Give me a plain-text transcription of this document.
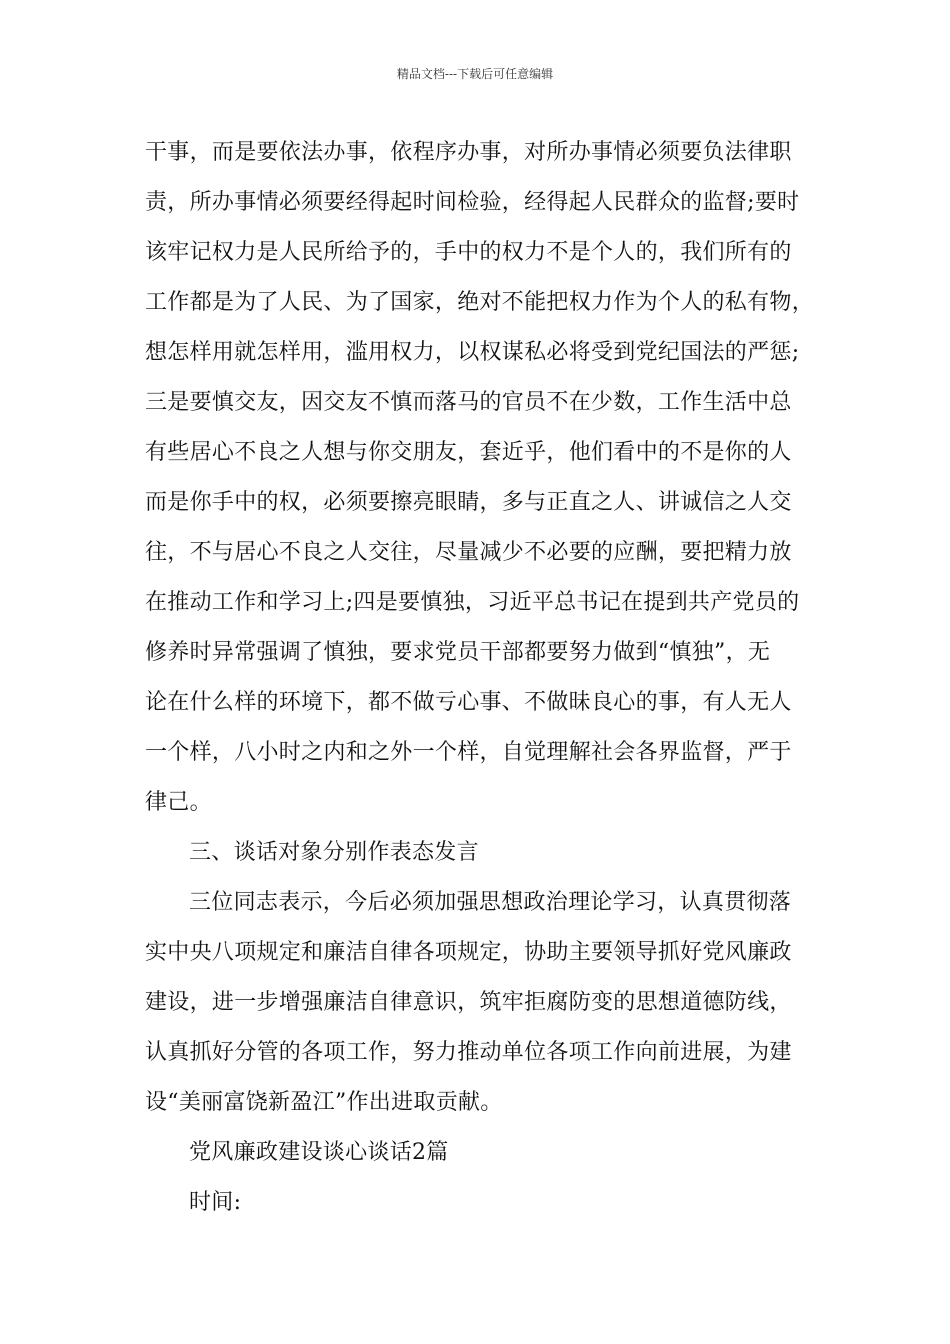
精品文档---下载后可任意编辑
干事，而是要依法办事，依程序办事，对所办事情必须要负法律职
责，所办事情必须要经得起时间检验，经得起人民群众的监督;要时
该牢记权力是人民所给予的，手中的权力不是个人的，我们所有的
工作都是为了人民、为了国家，绝对不能把权力作为个人的私有物，
想怎样用就怎样用，滥用权力，以权谋私必将受到党纪国法的严惩;
三是要慎交友，因交友不慎而落马的官员不在少数，工作生活中总
有些居心不良之人想与你交朋友，套近乎，他们看中的不是你的人
而是你手中的权，必须要擦亮眼睛，多与正直之人、讲诚信之人交
往，不与居心不良之人交往，尽量减少不必要的应酬，要把精力放
在推动工作和学习上;四是要慎独，习近平总书记在提到共产党员的
修养时异常强调了慎独，要求党员干部都要努力做到“慎独”，无
论在什么样的环境下，都不做亏心事、不做昧良心的事，有人无人
一个样，八小时之内和之外一个样，自觉理解社会各界监督，严于
律己。
三、谈话对象分别作表态发言
三位同志表示，今后必须加强思想政治理论学习，认真贯彻落
实中央八项规定和廉洁自律各项规定，协助主要领导抓好党风廉政
建设，进一步增强廉洁自律意识，筑牢拒腐防变的思想道德防线，
认真抓好分管的各项工作，努力推动单位各项工作向前进展，为建
设“美丽富饶新盈江”作出进取贡献。
党风廉政建设谈心谈话2篇
时间:
